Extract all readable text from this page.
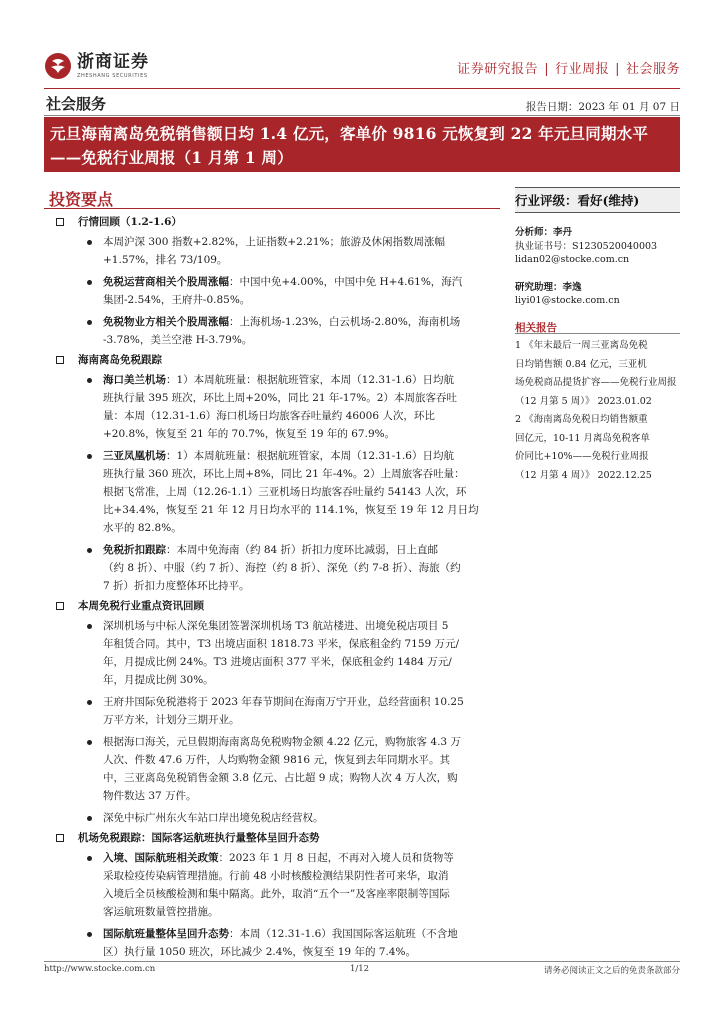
浙商证券
ZHESHANG SECURITIES	证券研究报告 | 行业周报 | 社会服务
社会服务	报告日期：2023 年 01 月 07 日
元旦海南离岛免税销售额日均 1.4 亿元，客单价 9816 元恢复到 22 年元旦同期水平
——免税行业周报（1 月第 1 周）
投资要点
行情回顾（1.2-1.6）
本周沪深 300 指数+2.82%，上证指数+2.21%；旅游及休闲指数周涨幅
+1.57%，排名 73/109。
免税运营商相关个股周涨幅：中国中免+4.00%，中国中免 H+4.61%，海汽
集团-2.54%，王府井-0.85%。
免税物业方相关个股周涨幅：上海机场-1.23%，白云机场-2.80%，海南机场
-3.78%，美兰空港 H-3.79%。
海南离岛免税跟踪
海口美兰机场：1）本周航班量：根据航班管家，本周（12.31-1.6）日均航
班执行量 395 班次，环比上周+20%，同比 21 年-17%。2）本周旅客吞吐
量：本周（12.31-1.6）海口机场日均旅客吞吐量约 46006 人次，环比
+20.8%，恢复至 21 年的 70.7%，恢复至 19 年的 67.9%。
三亚凤凰机场：1）本周航班量：根据航班管家，本周（12.31-1.6）日均航
班执行量 360 班次，环比上周+8%，同比 21 年-4%。2）上周旅客吞吐量：
根据飞常准，上周（12.26-1.1）三亚机场日均旅客吞吐量约 54143 人次，环
比+34.4%，恢复至 21 年 12 月日均水平的 114.1%，恢复至 19 年 12 月日均
水平的 82.8%。
免税折扣跟踪：本周中免海南（约 84 折）折扣力度环比减弱，日上直邮
（约 8 折）、中服（约 7 折）、海控（约 8 折）、深免（约 7-8 折）、海旅（约
7 折）折扣力度整体环比持平。
本周免税行业重点资讯回顾
深圳机场与中标人深免集团签署深圳机场 T3 航站楼进、出境免税店项目 5
年租赁合同。其中，T3 出境店面积 1818.73 平米，保底租金约 7159 万元/
年，月提成比例 24%。T3 进境店面积 377 平米，保底租金约 1484 万元/
年，月提成比例 30%。
王府井国际免税港将于 2023 年春节期间在海南万宁开业，总经营面积 10.25
万平方米，计划分三期开业。
根据海口海关，元旦假期海南离岛免税购物金额 4.22 亿元，购物旅客 4.3 万
人次、件数 47.6 万件，人均购物金额 9816 元，恢复到去年同期水平。其
中，三亚离岛免税销售金额 3.8 亿元、占比超 9 成；购物人次 4 万人次，购
物件数达 37 万件。
深免中标广州东火车站口岸出境免税店经营权。
机场免税跟踪：国际客运航班执行量整体呈回升态势
入境、国际航班相关政策：2023 年 1 月 8 日起，不再对入境人员和货物等
采取检疫传染病管理措施。行前 48 小时核酸检测结果阴性者可来华，取消
入境后全员核酸检测和集中隔离。此外，取消“五个一”及客座率限制等国际
客运航班数量管控措施。
国际航班量整体呈回升态势：本周（12.31-1.6）我国国际客运航班（不含地
区）执行量 1050 班次，环比减少 2.4%，恢复至 19 年的 7.4%。
行业评级：看好(维持)
分析师：李丹
执业证书号：S1230520040003
lidan02@stocke.com.cn
研究助理：李逸
liyi01@stocke.com.cn
相关报告
1 《年末最后一周三亚离岛免税
日均销售额 0.84 亿元，三亚机
场免税商品提货扩容——免税行业周报
（12 月第 5 周）》 2023.01.02
2 《海南离岛免税日均销售额重
回亿元，10-11 月离岛免税客单
价同比+10%——免税行业周报
（12 月第 4 周）》 2022.12.25
http://www.stocke.com.cn	1/12	请务必阅读正文之后的免责条款部分
